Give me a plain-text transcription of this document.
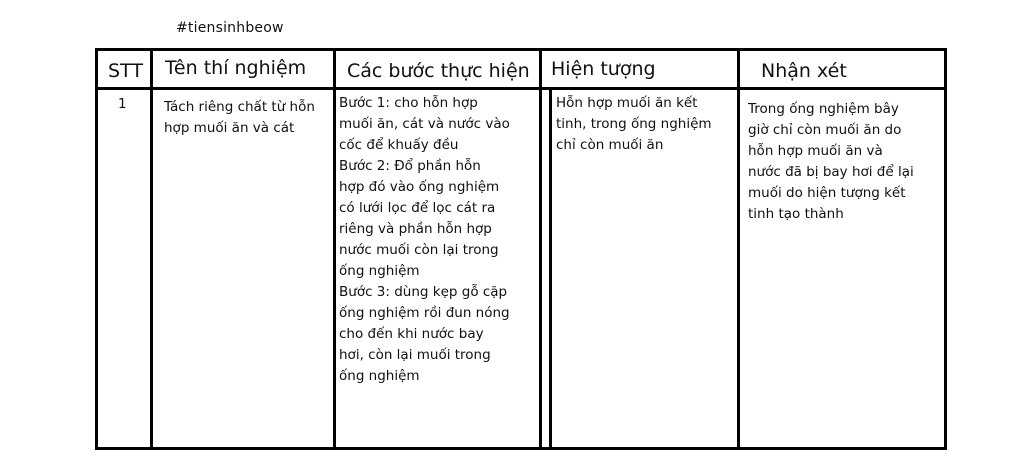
#tiensinhbeow
STT Tên thí nghiệm Các bước thực hiện Hiện tượng	Nhận xét
1	Tách riêng chất từ hỗn
hợp muối ăn và cát
Bước 1: cho hỗn hợp
muối ăn, cát và nước vào
cốc để khuấy đều
Bước 2: Đổ phần hỗn
hợp đó vào ống nghiệm
có lưới lọc để lọc cát ra
riêng và phần hỗn hợp
nước muối còn lại trong
ống nghiệm
Bước 3: dùng kẹp gỗ cặp
ống nghiệm rồi đun nóng
cho đến khi nước bay
hơi, còn lại muối trong
ống nghiệm
Hỗn hợp muối ăn kết
tinh, trong ống nghiệm
chỉ còn muối ăn
Trong ống nghiệm bây
giờ chỉ còn muối ăn do
hỗn hợp muối ăn và
nước đã bị bay hơi để lại
muối do hiện tượng kết
tinh tạo thành
